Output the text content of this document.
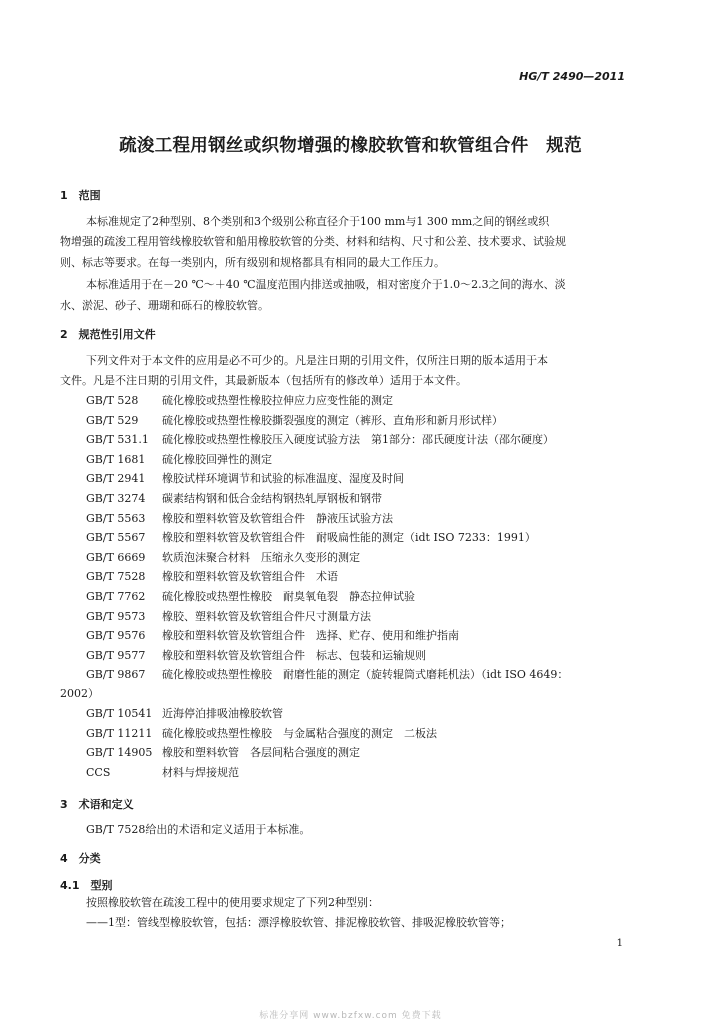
HG/T 2490—2011
疏浚工程用钢丝或织物增强的橡胶软管和软管组合件　规范
1　范围
本标准规定了2种型别、8个类别和3个级别公称直径介于100 mm与1 300 mm之间的钢丝或织
物增强的疏浚工程用管线橡胶软管和船用橡胶软管的分类、材料和结构、尺寸和公差、技术要求、试验规
则、标志等要求。在每一类别内，所有级别和规格都具有相同的最大工作压力。
本标准适用于在－20 ℃～＋40 ℃温度范围内排送或抽吸，相对密度介于1.0～2.3之间的海水、淡
水、淤泥、砂子、珊瑚和砾石的橡胶软管。
2　规范性引用文件
下列文件对于本文件的应用是必不可少的。凡是注日期的引用文件，仅所注日期的版本适用于本
文件。凡是不注日期的引用文件，其最新版本（包括所有的修改单）适用于本文件。
GB/T 528 硫化橡胶或热塑性橡胶拉伸应力应变性能的测定
GB/T 529 硫化橡胶或热塑性橡胶撕裂强度的测定（裤形、直角形和新月形试样）
GB/T 531.1 硫化橡胶或热塑性橡胶压入硬度试验方法　第1部分：邵氏硬度计法（邵尔硬度）
GB/T 1681 硫化橡胶回弹性的测定
GB/T 2941 橡胶试样环境调节和试验的标准温度、湿度及时间
GB/T 3274 碳素结构钢和低合金结构钢热轧厚钢板和钢带
GB/T 5563 橡胶和塑料软管及软管组合件　静液压试验方法
GB/T 5567 橡胶和塑料软管及软管组合件　耐吸扁性能的测定（idt ISO 7233：1991）
GB/T 6669 软质泡沫聚合材料　压缩永久变形的测定
GB/T 7528 橡胶和塑料软管及软管组合件　术语
GB/T 7762 硫化橡胶或热塑性橡胶　耐臭氧龟裂　静态拉伸试验
GB/T 9573 橡胶、塑料软管及软管组合件尺寸测量方法
GB/T 9576 橡胶和塑料软管及软管组合件　选择、贮存、使用和维护指南
GB/T 9577 橡胶和塑料软管及软管组合件　标志、包装和运输规则
GB/T 9867 硫化橡胶或热塑性橡胶　耐磨性能的测定（旋转辊筒式磨耗机法）（idt ISO 4649：
2002）
GB/T 10541 近海停泊排吸油橡胶软管
GB/T 11211 硫化橡胶或热塑性橡胶　与金属粘合强度的测定　二板法
GB/T 14905 橡胶和塑料软管　各层间粘合强度的测定
CCS	材料与焊接规范
3　术语和定义
GB/T 7528给出的术语和定义适用于本标准。
4　分类
4.1　型别
按照橡胶软管在疏浚工程中的使用要求规定了下列2种型别：
——1型：管线型橡胶软管，包括：漂浮橡胶软管、排泥橡胶软管、排吸泥橡胶软管等；
1
标准分享网 www.bzfxw.com 免费下载
